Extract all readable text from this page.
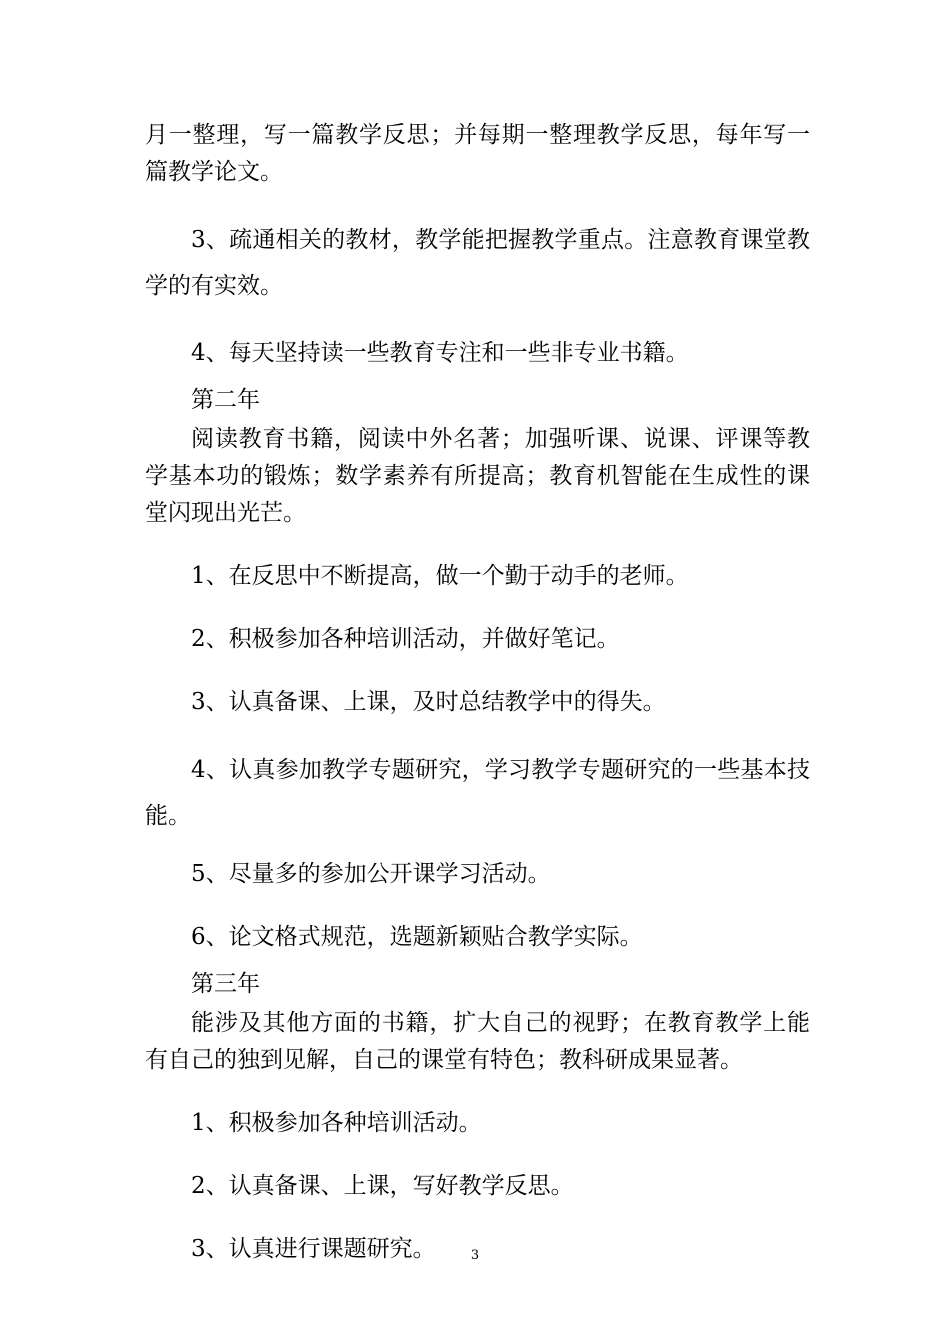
月一整理，写一篇教学反思；并每期一整理教学反思，每年写一篇教学论文。

3、疏通相关的教材，教学能把握教学重点。注意教育课堂教学的有实效。

4、每天坚持读一些教育专注和一些非专业书籍。

第二年

阅读教育书籍，阅读中外名著；加强听课、说课、评课等教学基本功的锻炼；数学素养有所提高；教育机智能在生成性的课堂闪现出光芒。

1、在反思中不断提高，做一个勤于动手的老师。

2、积极参加各种培训活动，并做好笔记。

3、认真备课、上课，及时总结教学中的得失。

4、认真参加教学专题研究，学习教学专题研究的一些基本技能。

5、尽量多的参加公开课学习活动。

6、论文格式规范，选题新颖贴合教学实际。

第三年

能涉及其他方面的书籍，扩大自己的视野；在教育教学上能有自己的独到见解，自己的课堂有特色；教科研成果显著。

1、积极参加各种培训活动。

2、认真备课、上课，写好教学反思。

3、认真进行课题研究。	3
